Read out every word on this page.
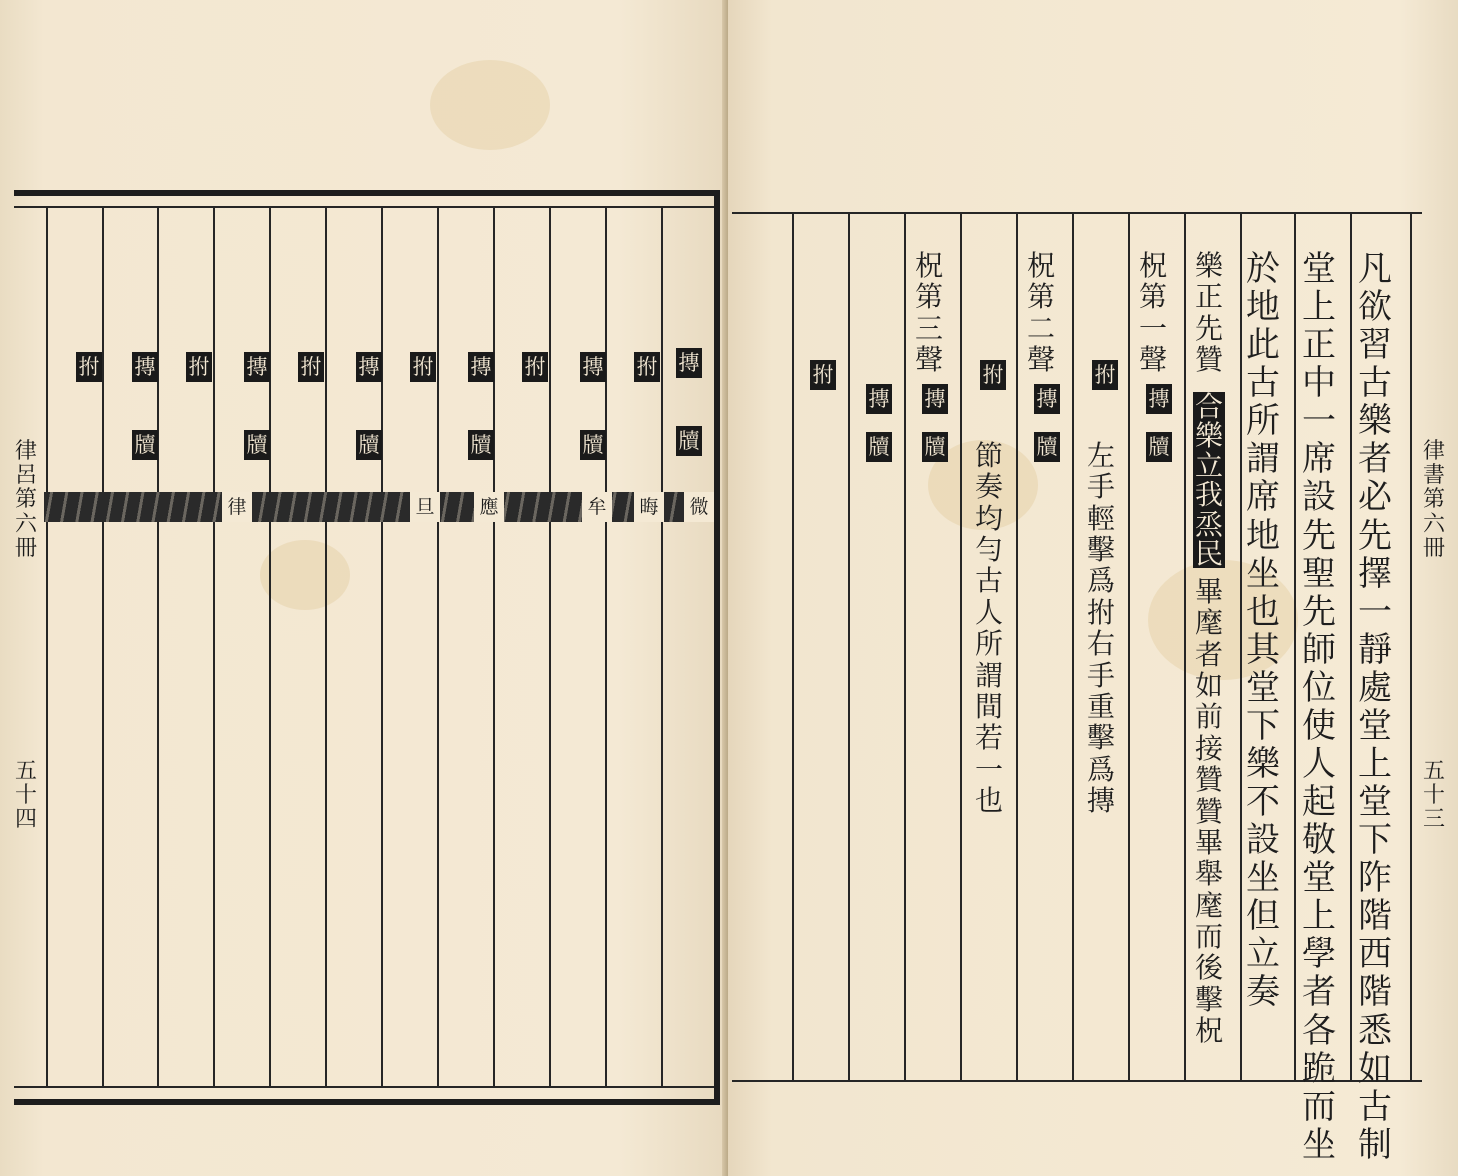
律呂第六冊
五十四
摶
牘
拊
摶
牘
拊
摶
牘
拊
摶
牘
拊
摶
牘
拊
摶
牘
拊
微
晦
牟
應
旦
律
律書第六冊
五十三
凡欲習古樂者必先擇一靜處堂上堂下阼階西階悉如古制
堂上正中一席設先聖先師位使人起敬堂上學者各跪而坐
於地此古所謂席地坐也其堂下樂不設坐但立奏
樂正先贊
合樂立我烝民
畢麾者如前接贊贊畢舉麾而後擊柷
柷第一聲
摶
牘
拊
左手輕擊爲拊右手重擊爲摶
柷第二聲
摶
牘
拊
節奏均勻古人所謂間若一也
柷第三聲
摶
牘
摶
牘
拊
